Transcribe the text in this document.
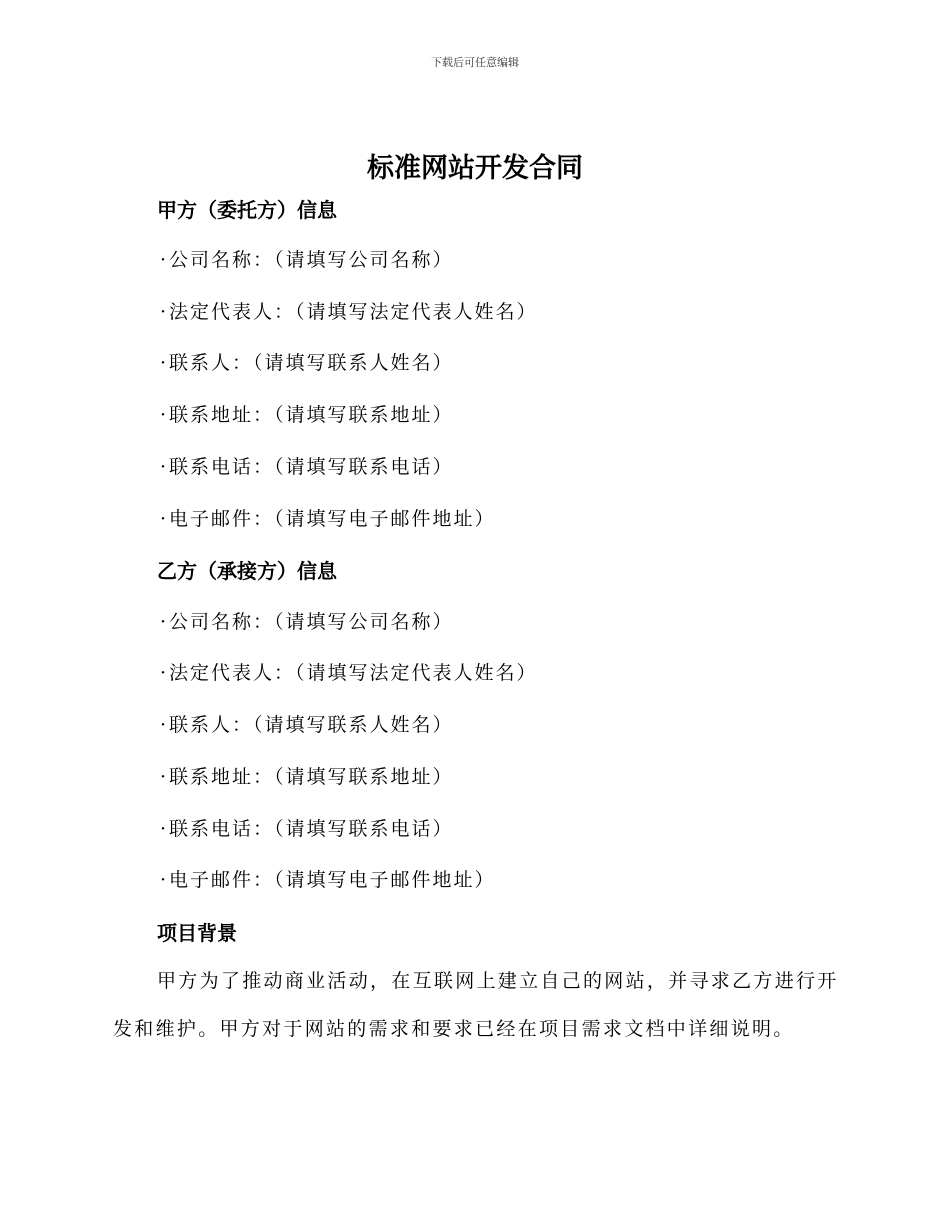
下载后可任意编辑
标准网站开发合同
甲方（委托方）信息
· 公司名称：（请填写公司名称）
· 法定代表人：（请填写法定代表人姓名）
· 联系人：（请填写联系人姓名）
· 联系地址：（请填写联系地址）
· 联系电话：（请填写联系电话）
· 电子邮件：（请填写电子邮件地址）
乙方（承接方）信息
· 公司名称：（请填写公司名称）
· 法定代表人：（请填写法定代表人姓名）
· 联系人：（请填写联系人姓名）
· 联系地址：（请填写联系地址）
· 联系电话：（请填写联系电话）
· 电子邮件：（请填写电子邮件地址）
项目背景
甲方为了推动商业活动，在互联网上建立自己的网站，并寻求乙方进行开发和维护。甲方对于网站的需求和要求已经在项目需求文档中详细说明。
